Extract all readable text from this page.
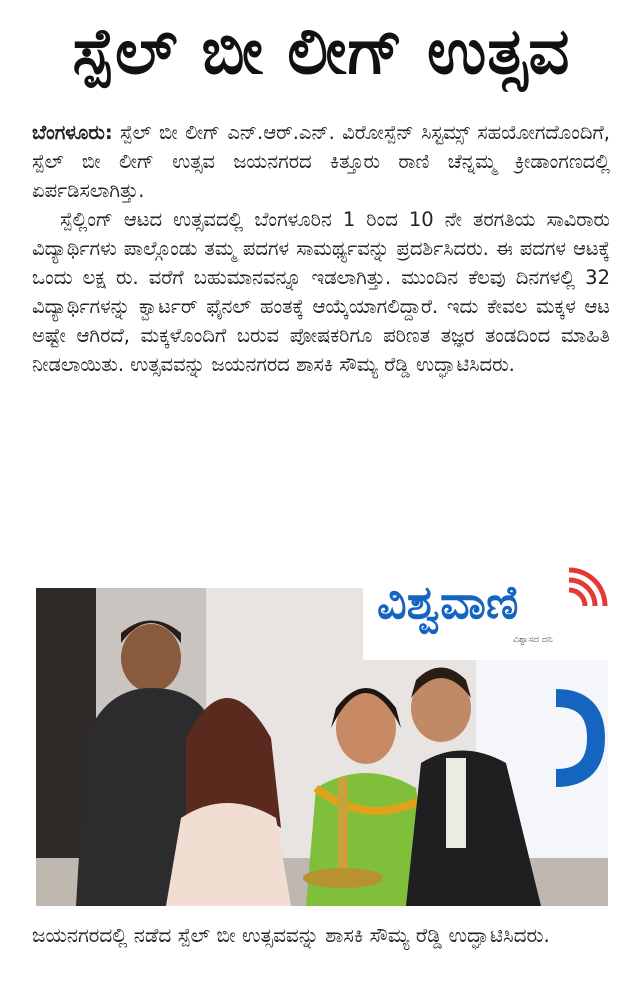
ಸ್ಪೆಲ್ ಬೀ ಲೀಗ್ ಉತ್ಸವ

ಬೆಂಗಳೂರು: ಸ್ಪೆಲ್ ಬೀ ಲೀಗ್ ಎನ್.ಆರ್.ಎನ್. ವಿರೋಸ್ಪೆನ್ ಸಿಸ್ಟಮ್ಸ್ ಸಹಯೋಗದೊಂದಿಗೆ, ಸ್ಪೆಲ್ ಬೀ ಲೀಗ್ ಉತ್ಸವ ಜಯನಗರದ ಕಿತ್ತೂರು ರಾಣಿ ಚೆನ್ನಮ್ಮ ಕ್ರೀಡಾಂಗಣದಲ್ಲಿ ಏರ್ಪಡಿಸಲಾಗಿತ್ತು.

ಸ್ಪೆಲ್ಲಿಂಗ್ ಆಟದ ಉತ್ಸವದಲ್ಲಿ ಬೆಂಗಳೂರಿನ 1 ರಿಂದ 10 ನೇ ತರಗತಿಯ ಸಾವಿರಾರು ವಿದ್ಯಾರ್ಥಿಗಳು ಪಾಲ್ಗೊಂಡು ತಮ್ಮ ಪದಗಳ ಸಾಮರ್ಥ್ಯವನ್ನು ಪ್ರದರ್ಶಿಸಿದರು. ಈ ಪದಗಳ ಆಟಕ್ಕೆ ಒಂದು ಲಕ್ಷ ರು. ವರೆಗೆ ಬಹುಮಾನವನ್ನೂ ಇಡಲಾಗಿತ್ತು. ಮುಂದಿನ ಕೆಲವು ದಿನಗಳಲ್ಲಿ 32 ವಿದ್ಯಾರ್ಥಿಗಳನ್ನು ಕ್ವಾರ್ಟರ್ ಫೈನಲ್ ಹಂತಕ್ಕೆ ಆಯ್ಕೆಯಾಗಲಿದ್ದಾರೆ. ಇದು ಕೇವಲ ಮಕ್ಕಳ ಆಟ ಅಷ್ಟೇ ಆಗಿರದೆ, ಮಕ್ಕಳೊಂದಿಗೆ ಬರುವ ಪೋಷಕರಿಗೂ ಪರಿಣತ ತಜ್ಞರ ತಂಡದಿಂದ ಮಾಹಿತಿ ನೀಡಲಾಯಿತು. ಉತ್ಸವವನ್ನು ಜಯನಗರದ ಶಾಸಕಿ ಸೌಮ್ಯ ರೆಡ್ಡಿ ಉದ್ಘಾಟಿಸಿದರು.

ವಿಶ್ವವಾಣಿ
ವಿಶ್ವಾಸದ ದನಿ
ಜಯನಗರದಲ್ಲಿ ನಡೆದ ಸ್ಪೆಲ್ ಬೀ ಉತ್ಸವವನ್ನು ಶಾಸಕಿ ಸೌಮ್ಯ ರೆಡ್ಡಿ ಉದ್ಘಾಟಿಸಿದರು.
